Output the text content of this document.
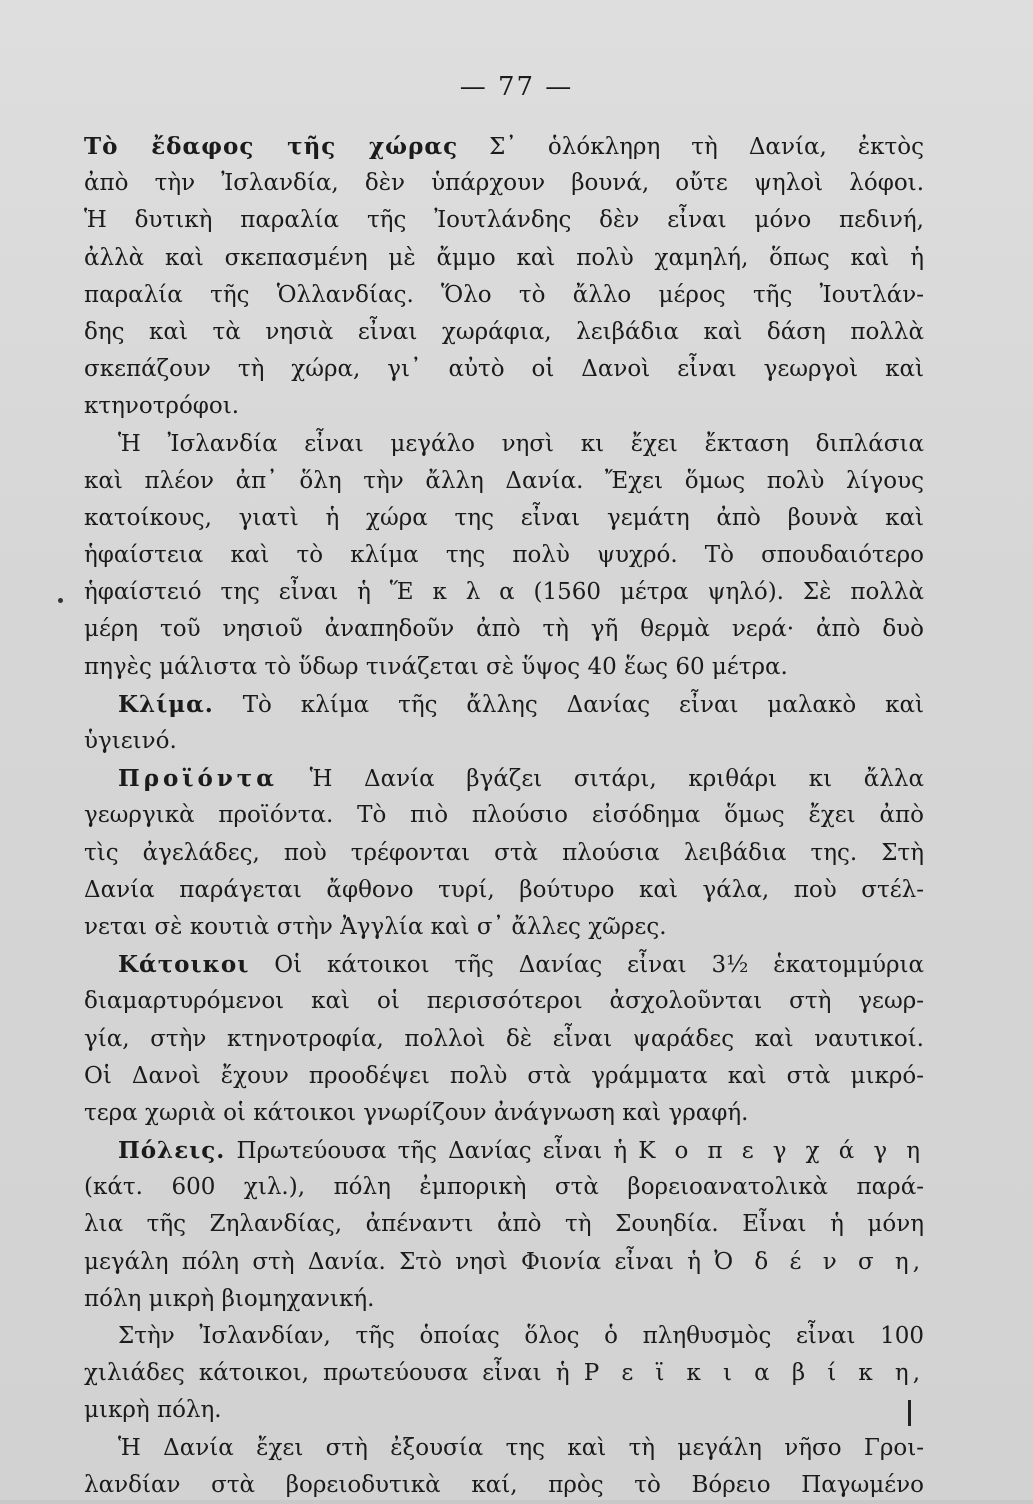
— 77 —
Τὸ ἔδαφος τῆς χώρας Σ᾽ ὁλόκληρη τὴ Δανία, ἐκτὸς
ἀπὸ τὴν Ἰσλανδία, δὲν ὑπάρχουν βουνά, οὔτε ψηλοὶ λόφοι.
Ἡ δυτικὴ παραλία τῆς Ἰουτλάνδης δὲν εἶναι μόνο πεδινή,
ἀλλὰ καὶ σκεπασμένη μὲ ἄμμο καὶ πολὺ χαμηλή, ὅπως καὶ ἡ
παραλία τῆς Ὁλλανδίας. Ὅλο τὸ ἄλλο μέρος τῆς Ἰουτλάν-
δης καὶ τὰ νησιὰ εἶναι χωράφια, λειβάδια καὶ δάση πολλὰ
σκεπάζουν τὴ χώρα, γι᾽ αὐτὸ οἱ Δανοὶ εἶναι γεωργοὶ καὶ
κτηνοτρόφοι.
Ἡ Ἰσλανδία εἶναι μεγάλο νησὶ κι ἔχει ἔκταση διπλάσια
καὶ πλέον ἀπ᾽ ὅλη τὴν ἄλλη Δανία. Ἔχει ὅμως πολὺ λίγους
κατοίκους, γιατὶ ἡ χώρα της εἶναι γεμάτη ἀπὸ βουνὰ καὶ
ἡφαίστεια καὶ τὸ κλίμα της πολὺ ψυχρό. Τὸ σπουδαιότερο
ἡφαίστειό της εἶναι ἡ Ἕ κ λ α (1560 μέτρα ψηλό). Σὲ πολλὰ
μέρη τοῦ νησιοῦ ἀναπηδοῦν ἀπὸ τὴ γῆ θερμὰ νερά· ἀπὸ δυὸ
πηγὲς μάλιστα τὸ ὕδωρ τινάζεται σὲ ὕψος 40 ἕως 60 μέτρα.
Κλίμα. Τὸ κλίμα τῆς ἄλλης Δανίας εἶναι μαλακὸ καὶ
ὑγιεινό.
Προϊόντα Ἡ Δανία βγάζει σιτάρι, κριθάρι κι ἄλλα
γεωργικὰ προϊόντα. Τὸ πιὸ πλούσιο εἰσόδημα ὅμως ἔχει ἀπὸ
τὶς ἀγελάδες, ποὺ τρέφονται στὰ πλούσια λειβάδια της. Στὴ
Δανία παράγεται ἄφθονο τυρί, βούτυρο καὶ γάλα, ποὺ στέλ-
νεται σὲ κουτιὰ στὴν Ἀγγλία καὶ σ᾽ ἄλλες χῶρες.
Κάτοικοι Οἱ κάτοικοι τῆς Δανίας εἶναι 3½ ἑκατομμύρια
διαμαρτυρόμενοι καὶ οἱ περισσότεροι ἀσχολοῦνται στὴ γεωρ-
γία, στὴν κτηνοτροφία, πολλοὶ δὲ εἶναι ψαράδες καὶ ναυτικοί.
Οἱ Δανοὶ ἔχουν προοδέψει πολὺ στὰ γράμματα καὶ στὰ μικρό-
τερα χωριὰ οἱ κάτοικοι γνωρίζουν ἀνάγνωση καὶ γραφή.
Πόλεις. Πρωτεύουσα τῆς Δανίας εἶναι ἡ Κ ο π ε γ χ ά γ η
(κάτ. 600 χιλ.), πόλη ἐμπορικὴ στὰ βορειοανατολικὰ παρά-
λια τῆς Ζηλανδίας, ἀπέναντι ἀπὸ τὴ Σουηδία. Εἶναι ἡ μόνη
μεγάλη πόλη στὴ Δανία. Στὸ νησὶ Φιονία εἶναι ἡ Ὀ δ έ ν σ η,
πόλη μικρὴ βιομηχανική.
Στὴν Ἰσλανδίαν, τῆς ὁποίας ὅλος ὁ πληθυσμὸς εἶναι 100
χιλιάδες κάτοικοι, πρωτεύουσα εἶναι ἡ Ρ ε ϊ κ ι α β ί κ η,
μικρὴ πόλη.
Ἡ Δανία ἔχει στὴ ἐξουσία της καὶ τὴ μεγάλη νῆσο Γροι-
λανδίαν στὰ βορειοδυτικὰ καί, πρὸς τὸ Βόρειο Παγωμένο
